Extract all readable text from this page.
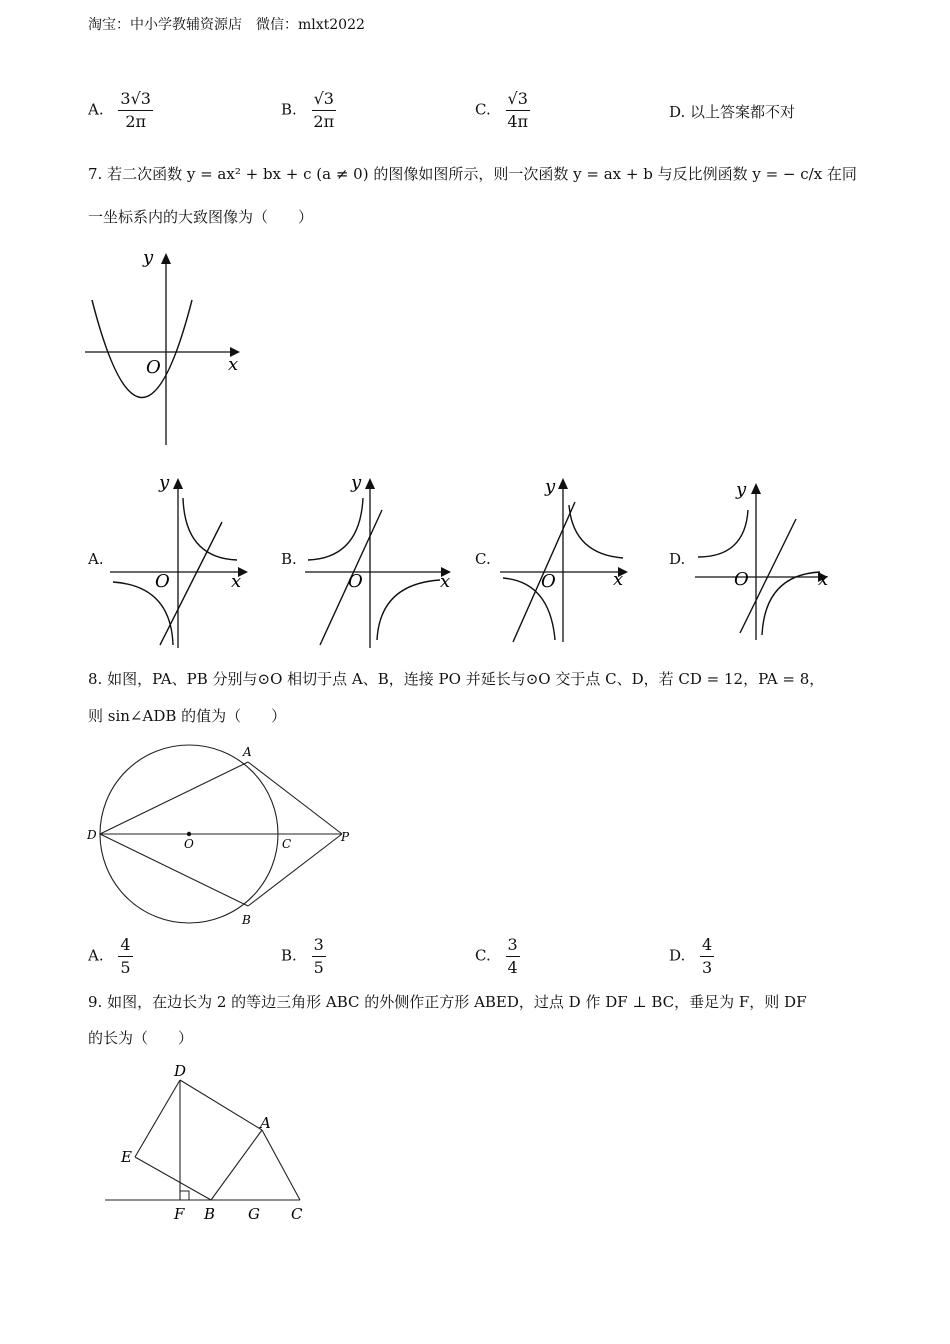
淘宝：中小学教辅资源店　微信：mlxt2022
A. $\frac{3√3}{2\pi}$	B. $\frac{√3}{2\pi}$	C. $\frac{√3}{4\pi}$	D. 以上答案都不对
7. 若二次函数 y = ax² + bx + c (a ≠ 0) 的图像如图所示，则一次函数 y = ax + b 与反比例函数 y = − c/x 在同
一坐标系内的大致图像为（　　）
y
x
O
A.
y
x
O
B.
y
x
O
C.
y
x
O
D.
y
x
O
8. 如图，PA、PB 分别与⊙O 相切于点 A、B，连接 PO 并延长与⊙O 交于点 C、D，若 CD = 12，PA = 8，
则 sin∠ADB 的值为（　　）
A
B
C
D
O	P
A. $\frac{4}{5}$	B. $\frac{3}{5}$	C. $\frac{3}{4}$	D. $\frac{4}{3}$
9. 如图，在边长为 2 的等边三角形 ABC 的外侧作正方形 ABED，过点 D 作 DF ⊥ BC，垂足为 F，则 DF
的长为（　　）
D
A
E
F B G C
